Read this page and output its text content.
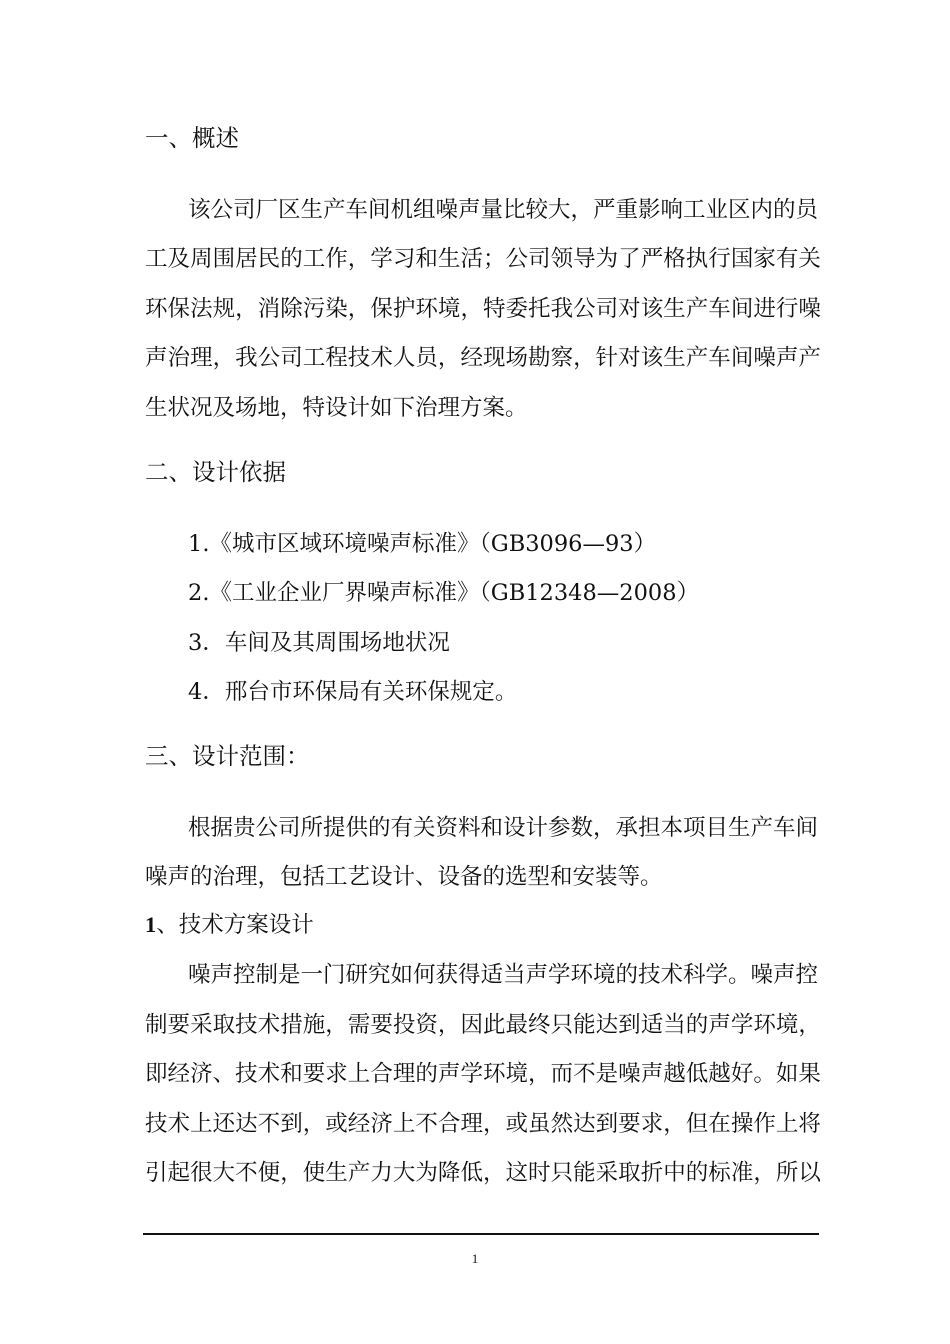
一、概述
该公司厂区生产车间机组噪声量比较大，严重影响工业区内的员
工 及 周 围 居 民 的 工 作 ， 学 习 和 生 活 ； 公 司 领 导 为 了 严 格 执 行 国 家 有 关
环 保 法 规 ， 消 除 污 染 ， 保 护 环 境 ， 特 委 托 我 公 司 对 该 生 产 车 间 进 行 噪
声 治 理 ， 我 公 司 工 程 技 术 人 员 ， 经 现 场 勘 察 ， 针 对 该 生 产 车 间 噪 声 产
生状况及场地，特设计如下治理方案。
二、设计依据
1.《城市区域环境噪声标准》（GB3096—93）
2.《工业企业厂界噪声标准》（GB12348—2008）
3．车间及其周围场地状况
4．邢台市环保局有关环保规定。
三、设计范围：
根据贵公司所提供的有关资料和设计参数，承担本项目生产车间
噪声的治理，包括工艺设计、设备的选型和安装等。
1、技术方案设计
噪声控制是一门研究如何获得适当声学环境的技术科学。噪声控
制 要 采 取 技 术 措 施 ， 需 要 投 资 ， 因 此 最 终 只 能 达 到 适 当 的 声 学 环 境 ，
即 经 济 、 技 术 和 要 求 上 合 理 的 声 学 环 境 ， 而 不 是 噪 声 越 低 越 好 。 如 果
技 术 上 还 达 不 到 ， 或 经 济 上 不 合 理 ， 或 虽 然 达 到 要 求 ， 但 在 操 作 上 将
引 起 很 大 不 便 ， 使 生 产 力 大 为 降 低 ， 这 时 只 能 采 取 折 中 的 标 准 ， 所 以
1
